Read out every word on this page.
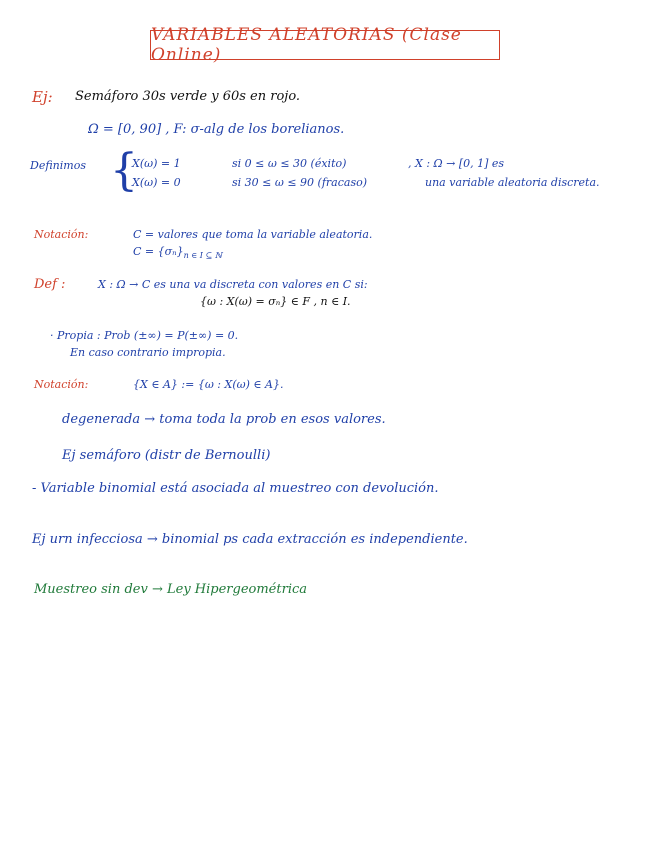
VARIABLES ALEATORIAS (Clase Online)
Ej: Semáforo 30s verde y 60s en rojo.
Ω = [0, 90] , F: σ-alg de los borelianos.
Definimos {
X(ω) = 1	si 0 ≤ ω ≤ 30 (éxito)
X(ω) = 0	si 30 ≤ ω ≤ 90 (fracaso)
, X : Ω → [0, 1] es
una variable aleatoria discreta.
Notación:	C = valores que toma la variable aleatoria.
$C = \{\sigma_n\}_{n \in I ⊆ ℕ}$
Def :	X : Ω → C es una va discreta con valores en C si:
{ω : X(ω) = σₙ} ∈ F , n ∈ I.
· Propia : Prob (±∞) = P(±∞) = 0.
En caso contrario impropia.
Notación:	{X ∈ A} := {ω : X(ω) ∈ A}.
degenerada → toma toda la prob en esos valores.
Ej semáforo (distr de Bernoulli)
- Variable binomial está asociada al muestreo con devolución.
Ej urn infecciosa → binomial ps cada extracción es independiente.
Muestreo sin dev → Ley Hipergeométrica
